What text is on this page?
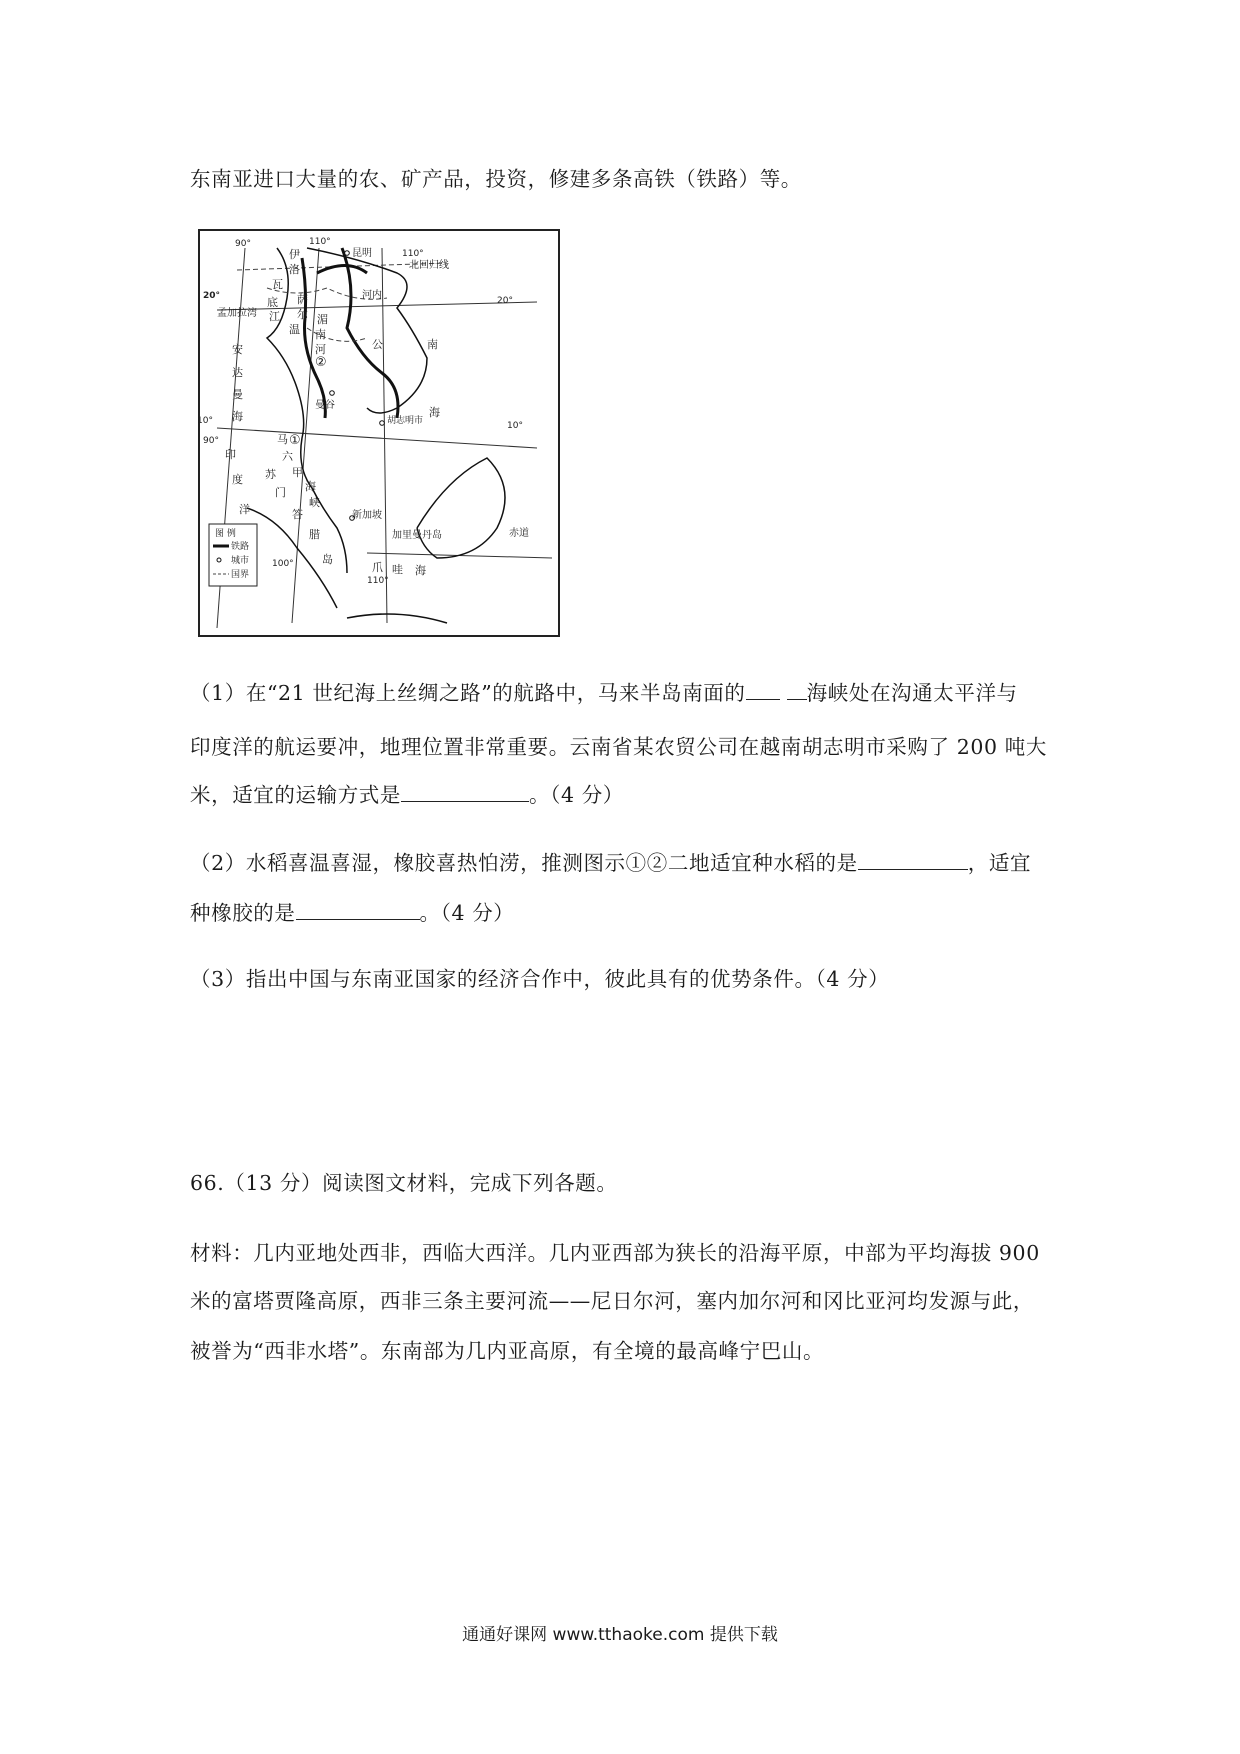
东南亚进口大量的农、矿产品，投资，修建多条高铁（铁路）等。
90°	110°
110°
100°
110°
20°	20°
10°	10°
90°
昆明
河内
曼谷
胡志明市
新加坡
伊
洛
瓦
底
江
萨
尔
温
湄
南
河	公
安
达
曼
海
印
度
洋
马
六
甲
海
峡
苏
门
答
腊
岛
南
海
加里曼丹岛
爪 哇 海
北回归线
孟加拉湾
赤道
①
②
图 例
铁路
城市
国界
（1）在“21 世纪海上丝绸之路”的航路中，马来半岛南面的	海峡处在沟通太平洋与
印度洋的航运要冲，地理位置非常重要。云南省某农贸公司在越南胡志明市采购了 200 吨大
米，适宜的运输方式是	。（4 分）
（2）水稻喜温喜湿，橡胶喜热怕涝，推测图示①②二地适宜种水稻的是	，适宜
种橡胶的是	。（4 分）
（3）指出中国与东南亚国家的经济合作中，彼此具有的优势条件。（4 分）
66.（13 分）阅读图文材料，完成下列各题。
材料：几内亚地处西非，西临大西洋。几内亚西部为狭长的沿海平原，中部为平均海拔 900
米的富塔贾隆高原，西非三条主要河流——尼日尔河，塞内加尔河和冈比亚河均发源与此，
被誉为“西非水塔”。东南部为几内亚高原，有全境的最高峰宁巴山。
通通好课网 www.tthaoke.com 提供下载
